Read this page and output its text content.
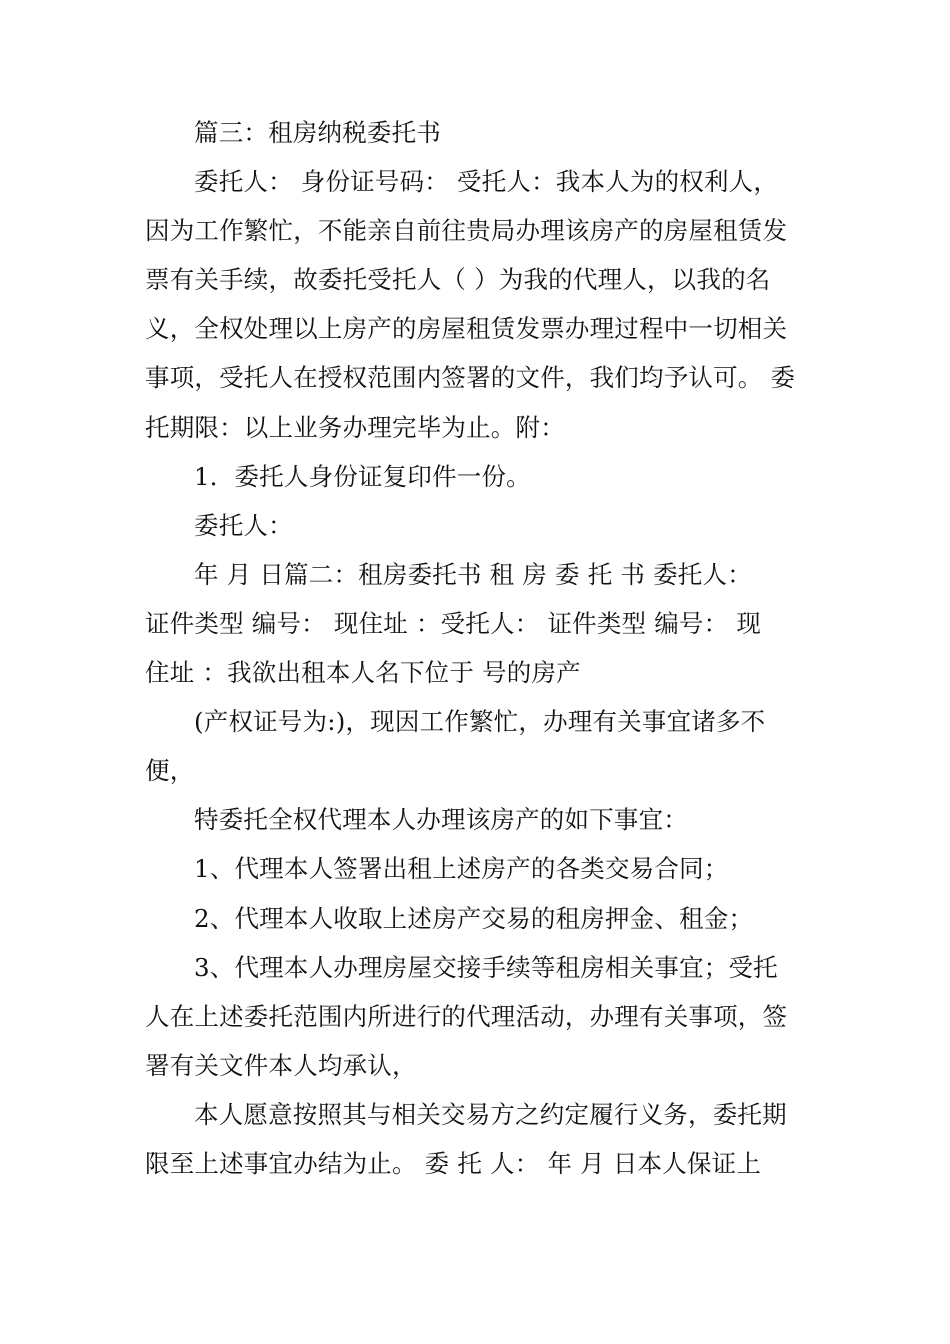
篇三：租房纳税委托书
委托人： 身份证号码： 受托人：我本人为的权利人，
因为工作繁忙，不能亲自前往贵局办理该房产的房屋租赁发
票有关手续，故委托受托人（ ）为我的代理人，以我的名
义，全权处理以上房产的房屋租赁发票办理过程中一切相关
事项，受托人在授权范围内签署的文件，我们均予认可。 委
托期限：以上业务办理完毕为止。附：
1．委托人身份证复印件一份。
委托人：
年 月 日篇二：租房委托书 租 房 委 托 书 委托人：
证件类型 编号： 现住址 ：受托人： 证件类型 编号： 现
住址 ：我欲出租本人名下位于 号的房产
(产权证号为:)，现因工作繁忙，办理有关事宜诸多不
便，
特委托全权代理本人办理该房产的如下事宜：
1、代理本人签署出租上述房产的各类交易合同；
2、代理本人收取上述房产交易的租房押金、租金；
3、代理本人办理房屋交接手续等租房相关事宜；受托
人在上述委托范围内所进行的代理活动，办理有关事项，签
署有关文件本人均承认，
本人愿意按照其与相关交易方之约定履行义务，委托期
限至上述事宜办结为止。 委 托 人： 年 月 日本人保证上
